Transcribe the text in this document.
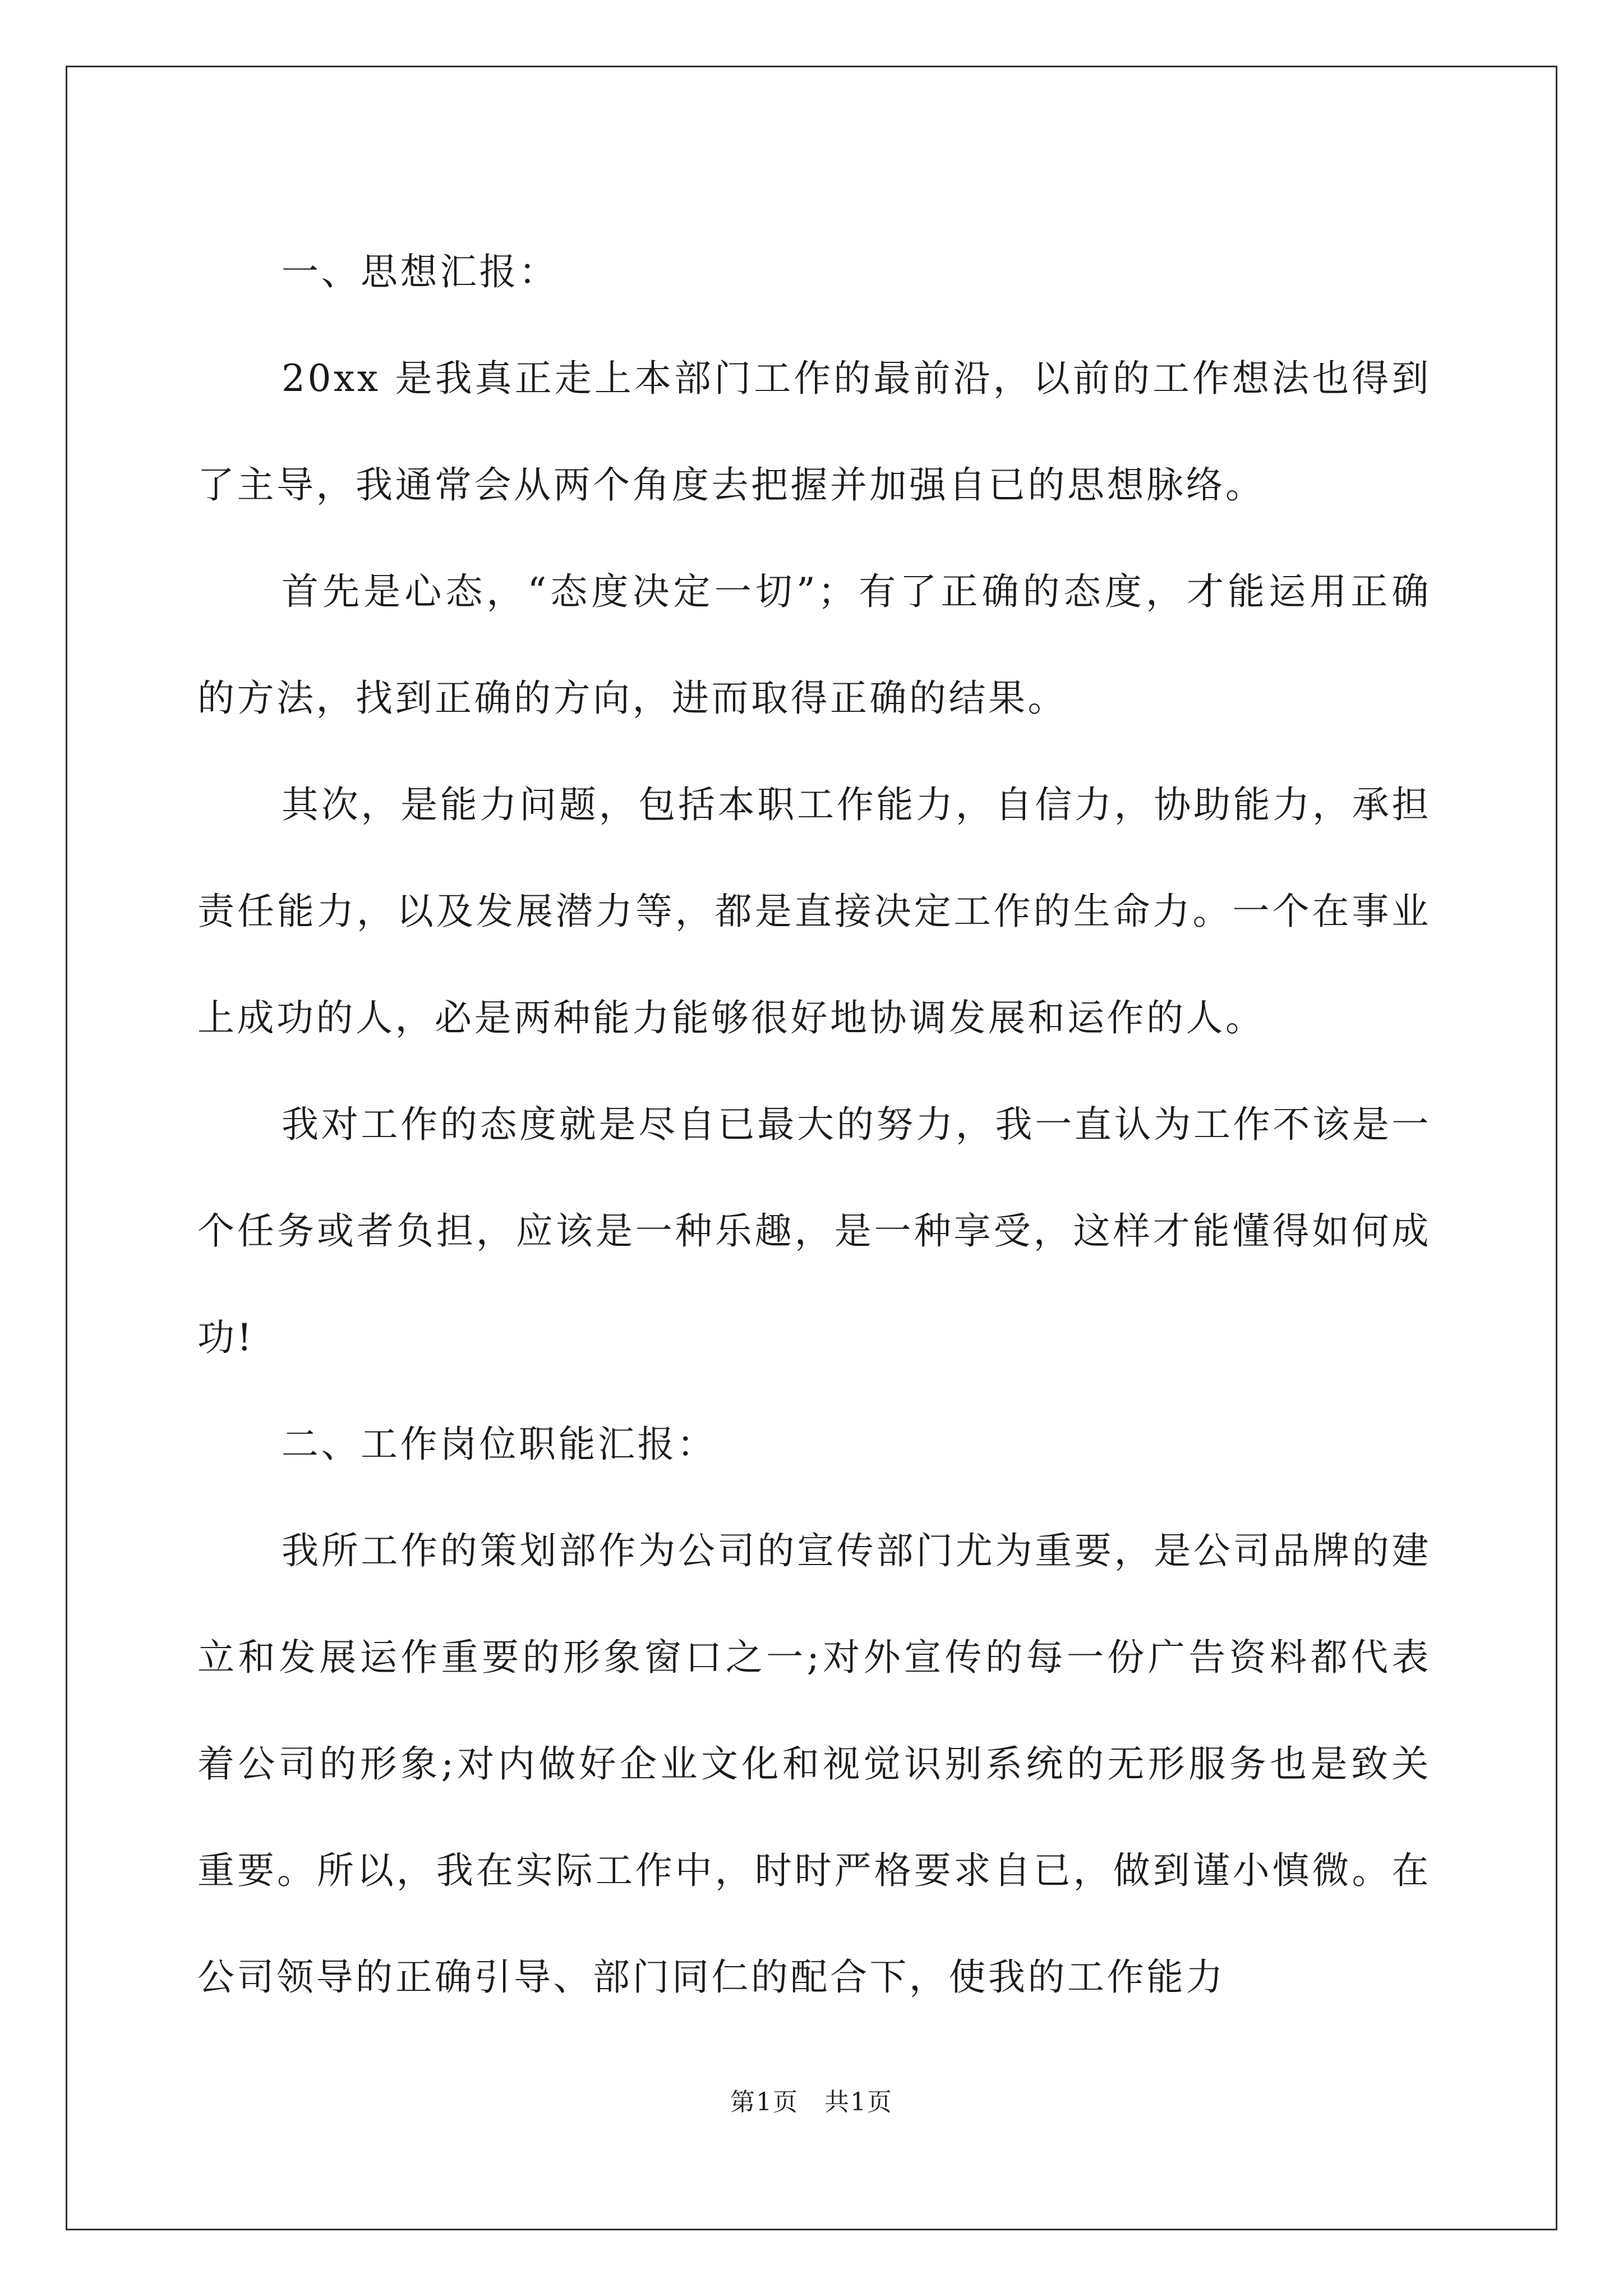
一、思想汇报：

20xx 是我真正走上本部门工作的最前沿，以前的工作想法也得到了主导，我通常会从两个角度去把握并加强自已的思想脉络。

首先是心态，“态度决定一切”；有了正确的态度，才能运用正确的方法，找到正确的方向，进而取得正确的结果。

其次，是能力问题，包括本职工作能力，自信力，协助能力，承担责任能力，以及发展潜力等，都是直接决定工作的生命力。一个在事业上成功的人，必是两种能力能够很好地协调发展和运作的人。

我对工作的态度就是尽自已最大的努力，我一直认为工作不该是一个任务或者负担，应该是一种乐趣，是一种享受，这样才能懂得如何成功!

二、工作岗位职能汇报：

我所工作的策划部作为公司的宣传部门尤为重要，是公司品牌的建立和发展运作重要的形象窗口之一;对外宣传的每一份广告资料都代表着公司的形象;对内做好企业文化和视觉识别系统的无形服务也是致关重要。所以，我在实际工作中，时时严格要求自已，做到谨小慎微。在公司领导的正确引导、部门同仁的配合下，使我的工作能力

第1页 共1页
